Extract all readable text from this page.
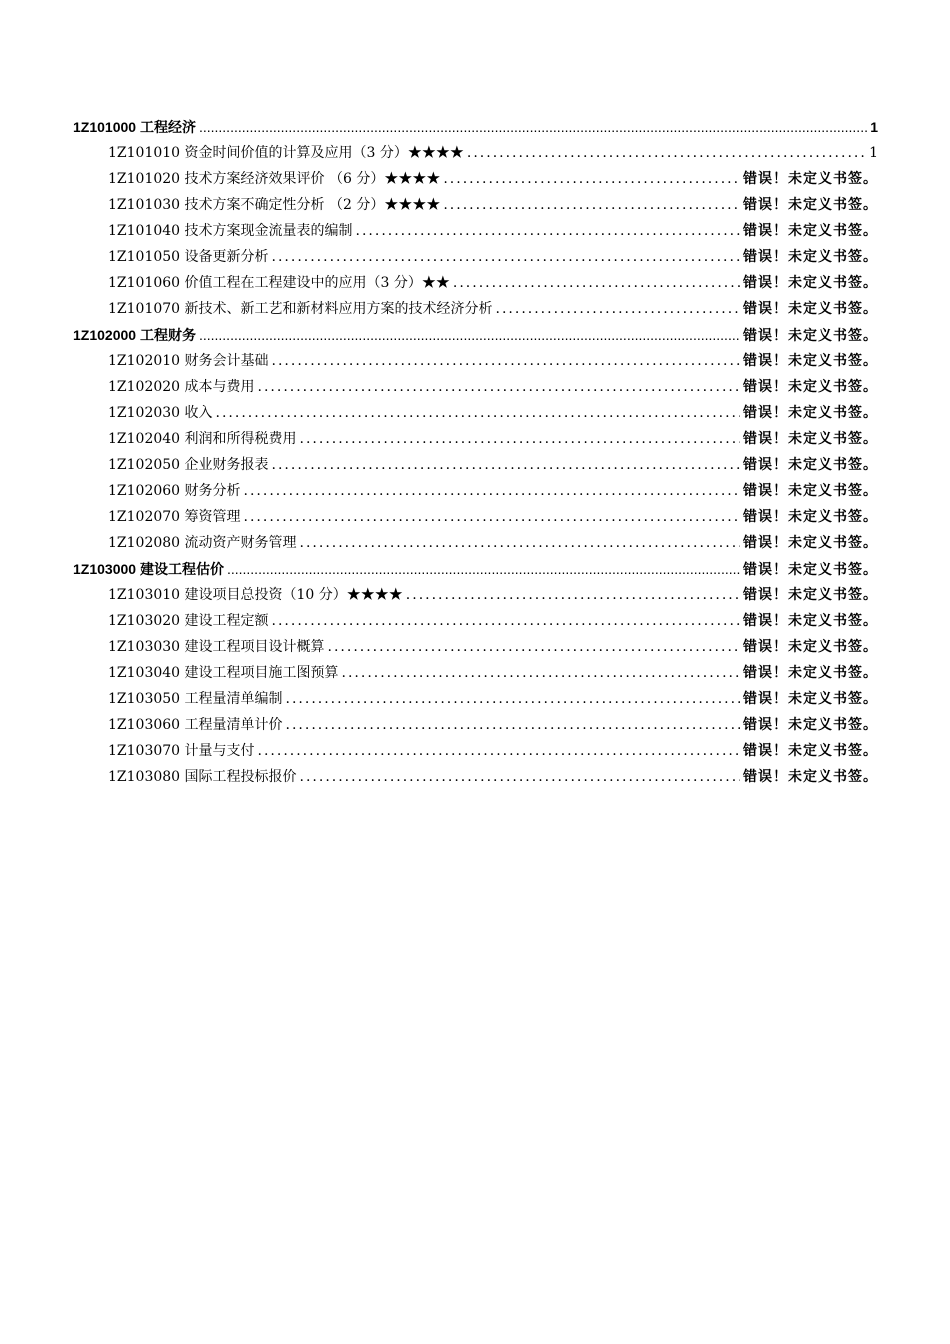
1Z101000 工程经济 .....	1
1Z101010 资金时间价值的计算及应用（3 分）★★★★ .....	1
1Z101020 技术方案经济效果评价 （6 分）★★★★ .....	错误！未定义书签。
1Z101030 技术方案不确定性分析 （2 分）★★★★ .....	错误！未定义书签。
1Z101040 技术方案现金流量表的编制 .....	错误！未定义书签。
1Z101050 设备更新分析 .....	错误！未定义书签。
1Z101060 价值工程在工程建设中的应用（3 分）★★ .....	错误！未定义书签。
1Z101070 新技术、新工艺和新材料应用方案的技术经济分析 .....	错误！未定义书签。
1Z102000 工程财务 .....	错误！未定义书签。
1Z102010 财务会计基础 .....	错误！未定义书签。
1Z102020 成本与费用 .....	错误！未定义书签。
1Z102030 收入 .....	错误！未定义书签。
1Z102040 利润和所得税费用 .....	错误！未定义书签。
1Z102050 企业财务报表 .....	错误！未定义书签。
1Z102060 财务分析 .....	错误！未定义书签。
1Z102070 筹资管理 .....	错误！未定义书签。
1Z102080 流动资产财务管理 .....	错误！未定义书签。
1Z103000 建设工程估价 .....	错误！未定义书签。
1Z103010 建设项目总投资（10 分）★★★★ .....	错误！未定义书签。
1Z103020 建设工程定额 .....	错误！未定义书签。
1Z103030 建设工程项目设计概算 .....	错误！未定义书签。
1Z103040 建设工程项目施工图预算 .....	错误！未定义书签。
1Z103050 工程量清单编制 .....	错误！未定义书签。
1Z103060 工程量清单计价 .....	错误！未定义书签。
1Z103070 计量与支付 .....	错误！未定义书签。
1Z103080 国际工程投标报价 .....	错误！未定义书签。
